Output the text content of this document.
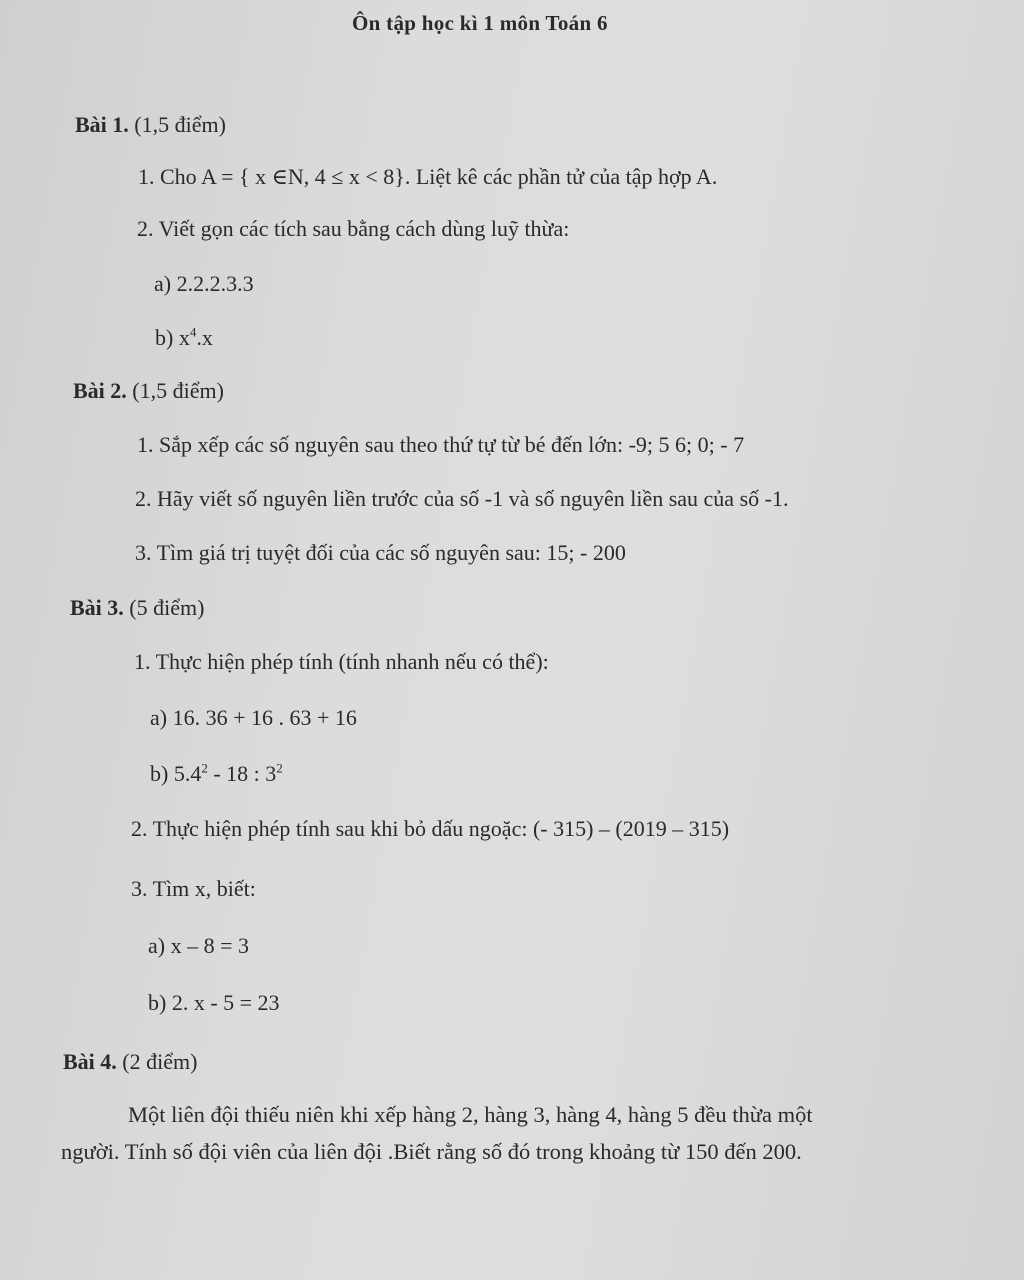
Ôn tập học kì 1 môn Toán 6
Bài 1. (1,5 điểm)
1. Cho A = { x ∈N, 4 ≤ x < 8}. Liệt kê các phần tử của tập hợp A.
2. Viết gọn các tích sau bằng cách dùng luỹ thừa:
a) 2.2.2.3.3
b) $x^4.x$
Bài 2. (1,5 điểm)
1. Sắp xếp các số nguyên sau theo thứ tự từ bé đến lớn: -9; 5 6; 0; - 7
2. Hãy viết số nguyên liền trước của số -1 và số nguyên liền sau của số -1.
3. Tìm giá trị tuyệt đối của các số nguyên sau: 15; - 200
Bài 3. (5 điểm)
1. Thực hiện phép tính (tính nhanh nếu có thể):
a) 16. 36 + 16 . 63 + 16
b) $5.4^2 - 18$ : $3^2$
2. Thực hiện phép tính sau khi bỏ dấu ngoặc: (- 315) – (2019 – 315)
3. Tìm x, biết:
a) x – 8 = 3
b) 2. x - 5 = 23
Bài 4. (2 điểm)
Một liên đội thiếu niên khi xếp hàng 2, hàng 3, hàng 4, hàng 5 đều thừa một
người. Tính số đội viên của liên đội .Biết rằng số đó trong khoảng từ 150 đến 200.
